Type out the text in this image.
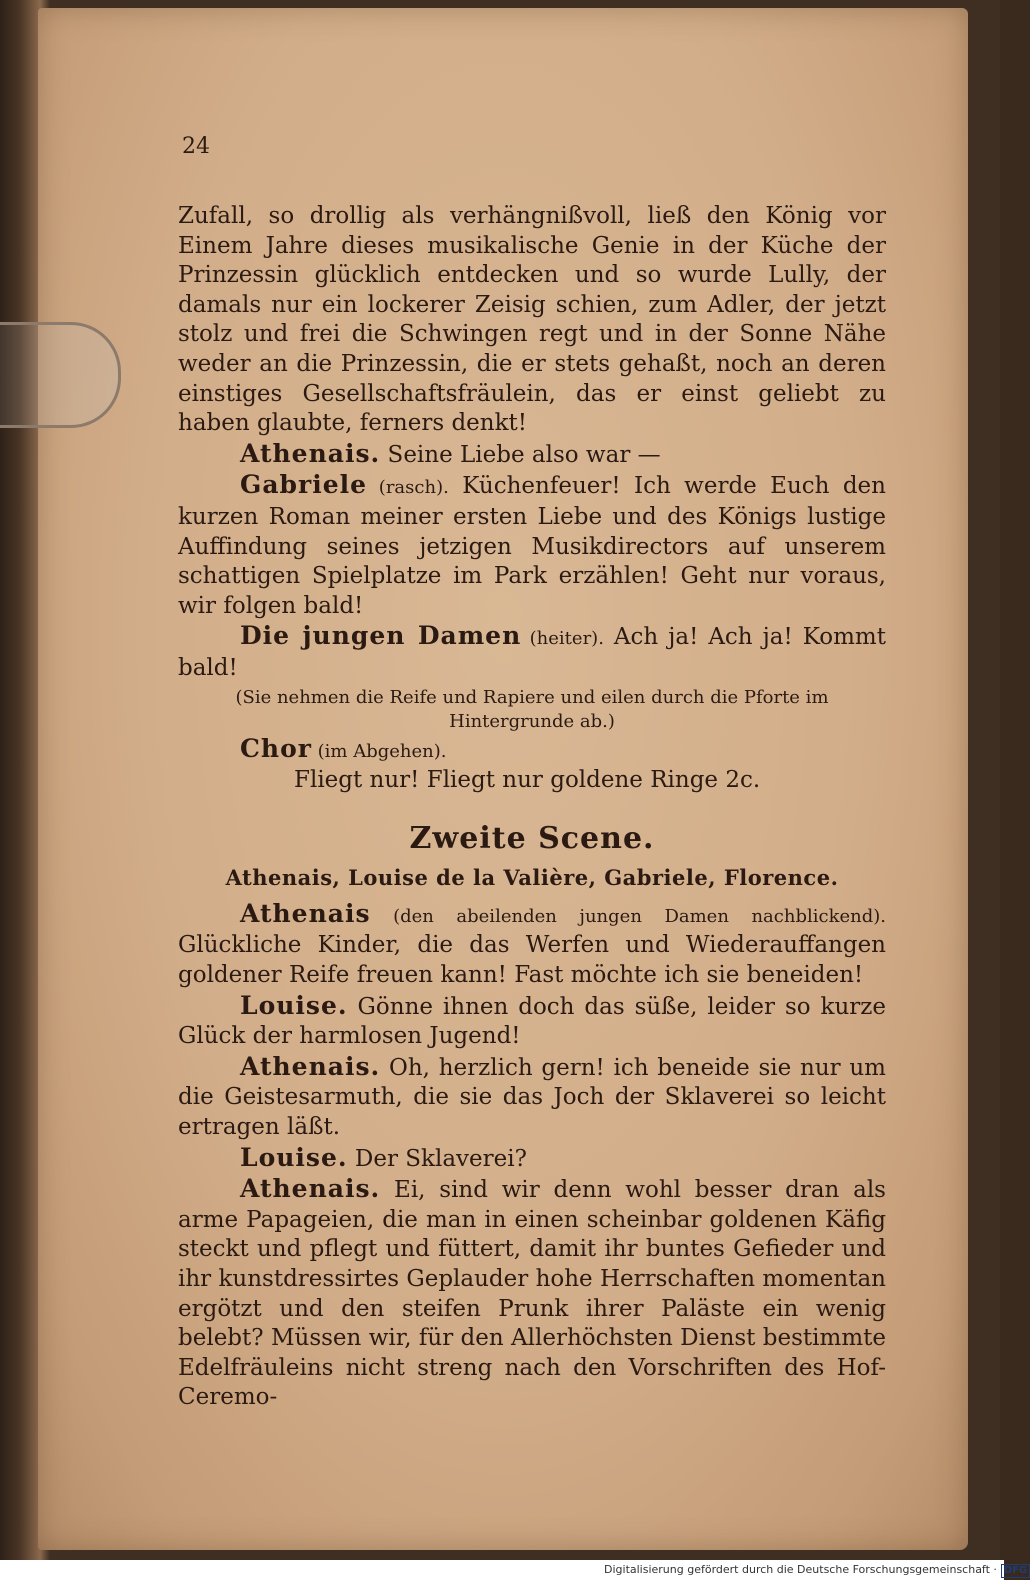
24

Zufall, so drollig als verhängnißvoll, ließ den König vor Einem Jahre dieses musikalische Genie in der Küche der Prinzessin glücklich entdecken und so wurde Lully, der damals nur ein lockerer Zeisig schien, zum Adler, der jetzt stolz und frei die Schwingen regt und in der Sonne Nähe weder an die Prinzessin, die er stets gehaßt, noch an deren einstiges Gesellschaftsfräulein, das er einst geliebt zu haben glaubte, ferners denkt!

Athenais. Seine Liebe also war —

Gabriele (rasch). Küchenfeuer! Ich werde Euch den kurzen Roman meiner ersten Liebe und des Königs lustige Auffindung seines jetzigen Musikdirectors auf unserem schattigen Spielplatze im Park erzählen! Geht nur voraus, wir folgen bald!

Die jungen Damen (heiter). Ach ja! Ach ja! Kommt bald!

(Sie nehmen die Reife und Rapiere und eilen durch die Pforte im Hintergrunde ab.)

Chor (im Abgehen).

Fliegt nur! Fliegt nur goldene Ringe 2c.

Zweite Scene.

Athenais, Louise de la Valière, Gabriele, Florence.

Athenais (den abeilenden jungen Damen nachblickend). Glückliche Kinder, die das Werfen und Wiederauffangen goldener Reife freuen kann! Fast möchte ich sie beneiden!

Louise. Gönne ihnen doch das süße, leider so kurze Glück der harmlosen Jugend!

Athenais. Oh, herzlich gern! ich beneide sie nur um die Geistesarmuth, die sie das Joch der Sklaverei so leicht ertragen läßt.

Louise. Der Sklaverei?

Athenais. Ei, sind wir denn wohl besser dran als arme Papageien, die man in einen scheinbar goldenen Käfig steckt und pflegt und füttert, damit ihr buntes Gefieder und ihr kunstdressirtes Geplauder hohe Herrschaften momentan ergötzt und den steifen Prunk ihrer Paläste ein wenig belebt? Müssen wir, für den Allerhöchsten Dienst bestimmte Edelfräuleins nicht streng nach den Vorschriften des Hof-Ceremo-

Digitalisierung gefördert durch die Deutsche Forschungsgemeinschaft · DFG
